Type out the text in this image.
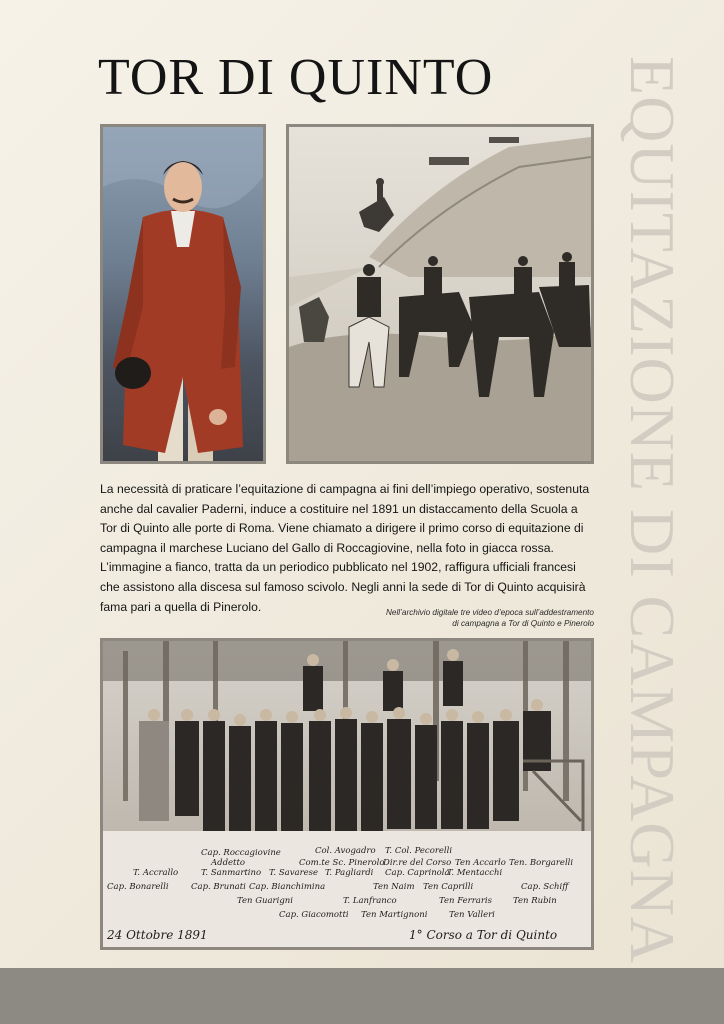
TOR DI QUINTO EQUITAZIONE DI CAMPAGNA

La necessità di praticare l’equitazione di campagna ai fini dell’impiego operativo, sostenuta anche dal cavalier Paderni, induce a costituire nel 1891 un distaccamento della Scuola a Tor di Quinto alle porte di Roma. Viene chiamato a dirigere il primo corso di equitazione di campagna il marchese Luciano del Gallo di Roccagiovine, nella foto in giacca rossa. L’immagine a fianco, tratta da un periodico pubblicato nel 1902, raffigura ufficiali francesi che assistono alla discesa sul famoso scivolo. Negli anni la sede di Tor di Quinto acquisirà fama pari a quella di Pinerolo.	Nell’archivio digitale tre video d’epoca sull’addestramento
di campagna a Tor di Quinto e Pinerolo
Cap. Roccagiovine	Col. Avogadro T. Col. Pecorelli
Addetto	Com.te Sc. Pinerolo
Dir.re del Corso
T. Accrallo	T. Sanmartino T. Savarese T. Pagliardi Cap. Caprinola
T. Mentacchi
Ten Accarlo Ten. Borgarelli
Cap. Bonarelli	Cap. Brunati Cap. Bianchimina	Ten Naim Ten Caprilli	Cap. Schiff
Ten Guarigni	T. Lanfranco	Ten Ferraris Ten Rubin
Cap. Giacomotti Ten Martignoni	Ten Valleri
24 Ottobre 1891	1° Corso a Tor di Quinto
